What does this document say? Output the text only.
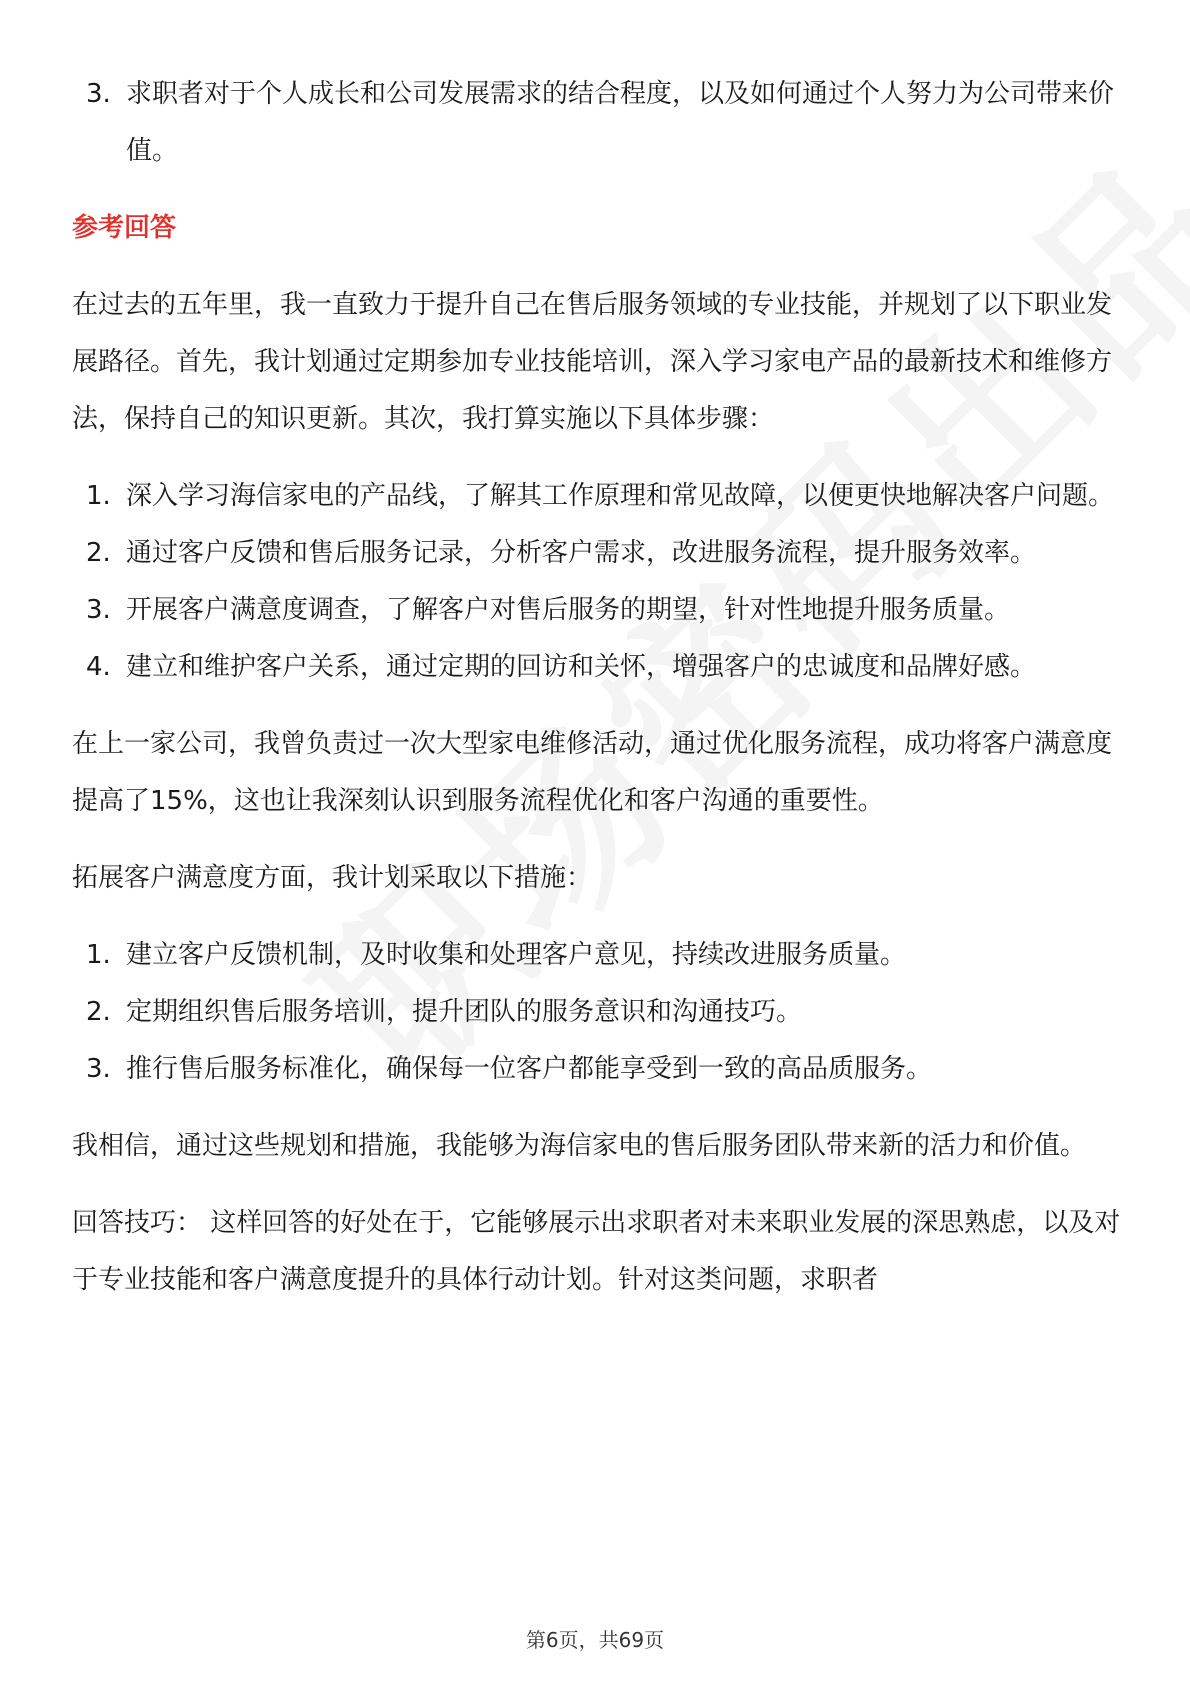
3. 求职者对于个人成长和公司发展需求的结合程度，以及如何通过个人努力为公司带来价值。
参考回答

在过去的五年里，我一直致力于提升自己在售后服务领域的专业技能，并规划了以下职业发展路径。首先，我计划通过定期参加专业技能培训，深入学习家电产品的最新技术和维修方法，保持自己的知识更新。其次，我打算实施以下具体步骤：

1. 深入学习海信家电的产品线，了解其工作原理和常见故障，以便更快地解决客户问题。
2. 通过客户反馈和售后服务记录，分析客户需求，改进服务流程，提升服务效率。
3. 开展客户满意度调查，了解客户对售后服务的期望，针对性地提升服务质量。
4. 建立和维护客户关系，通过定期的回访和关怀，增强客户的忠诚度和品牌好感。

在上一家公司，我曾负责过一次大型家电维修活动，通过优化服务流程，成功将客户满意度提高了15%，这也让我深刻认识到服务流程优化和客户沟通的重要性。

拓展客户满意度方面，我计划采取以下措施：

1. 建立客户反馈机制，及时收集和处理客户意见，持续改进服务质量。
2. 定期组织售后服务培训，提升团队的服务意识和沟通技巧。
3. 推行售后服务标准化，确保每一位客户都能享受到一致的高品质服务。

我相信，通过这些规划和措施，我能够为海信家电的售后服务团队带来新的活力和价值。

回答技巧： 这样回答的好处在于，它能够展示出求职者对未来职业发展的深思熟虑，以及对于专业技能和客户满意度提升的具体行动计划。针对这类问题，求职者

第6页，共69页
